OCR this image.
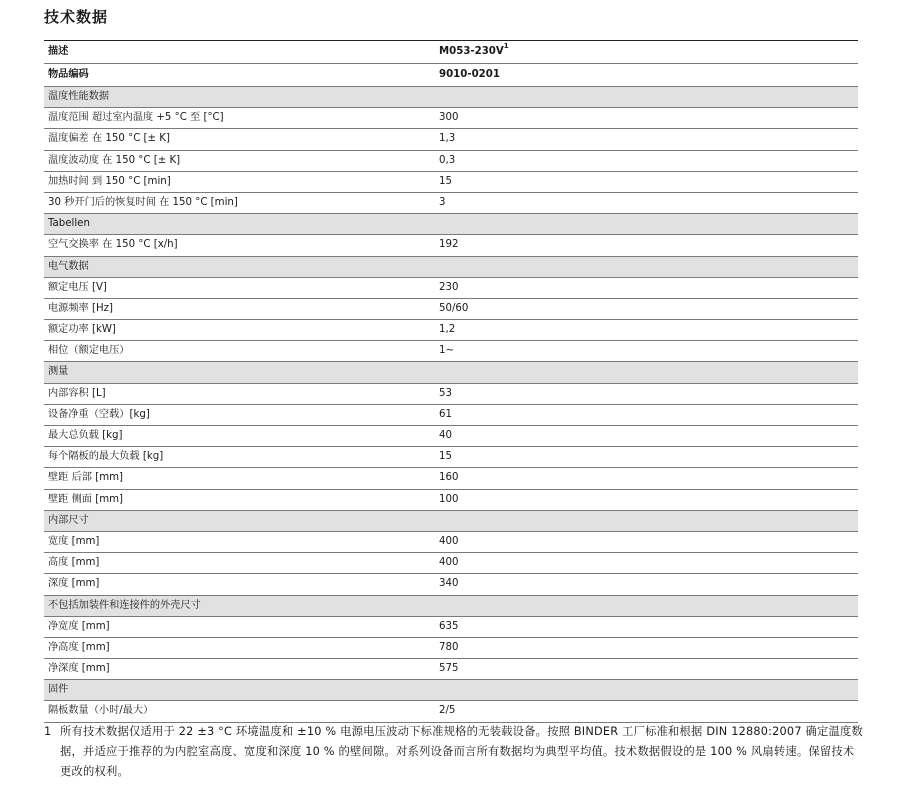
技术数据
描述	$M053-230V^1$
物品编码	9010-0201
温度性能数据
温度范围 超过室内温度 +5 °C 至 [°C]	300
温度偏差 在 150 °C [± K]	1,3
温度波动度 在 150 °C [± K]	0,3
加热时间 到 150 °C [min]	15
30 秒开门后的恢复时间 在 150 °C [min]	3
Tabellen
空气交换率 在 150 °C [x/h]	192
电气数据
额定电压 [V]	230
电源频率 [Hz]	50/60
额定功率 [kW]	1,2
相位（额定电压）	1~
测量
内部容积 [L]	53
设备净重（空载）[kg]	61
最大总负载 [kg]	40
每个隔板的最大负载 [kg]	15
壁距 后部 [mm]	160
壁距 侧面 [mm]	100
内部尺寸
宽度 [mm]	400
高度 [mm]	400
深度 [mm]	340
不包括加装件和连接件的外壳尺寸
净宽度 [mm]	635
净高度 [mm]	780
净深度 [mm]	575
固件
隔板数量（小时/最大）	2/5
1 所有技术数据仅适用于 22 ±3 °C 环境温度和 ±10 % 电源电压波动下标准规格的无装载设备。按照 BINDER 工厂标准和根据 DIN 12880:2007 确定温度数据，并适应于推荐的为内腔室高度、宽度和深度 10 % 的壁间隙。对系列设备而言所有数据均为典型平均值。技术数据假设的是 100 % 风扇转速。保留技术更改的权利。
